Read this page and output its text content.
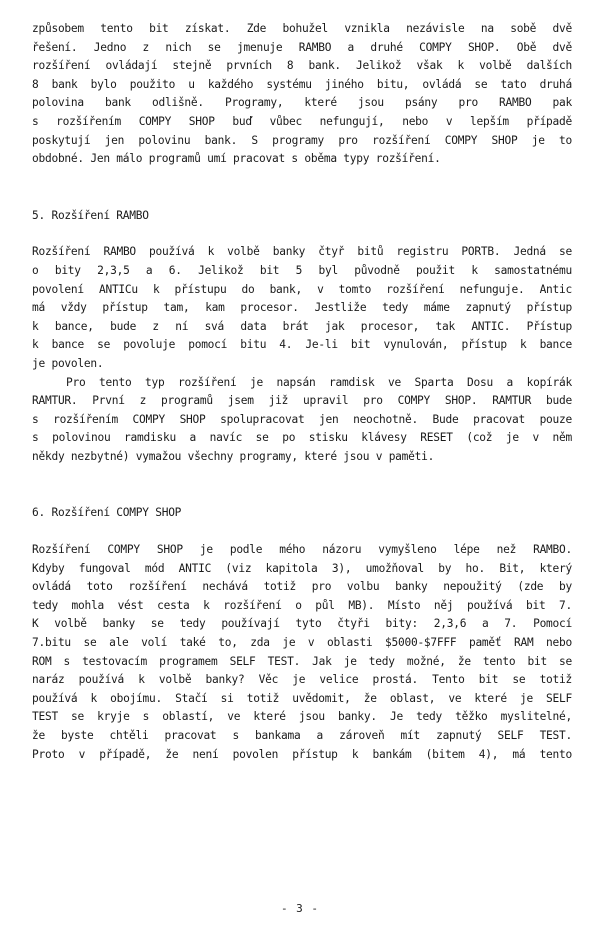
způsobem tento bit získat. Zde bohužel vznikla nezávisle na sobě dvě
řešení. Jedno z nich se jmenuje RAMBO a druhé COMPY SHOP. Obě dvě
rozšíření ovládají stejně prvních 8 bank. Jelikož však k volbě dalších
8 bank bylo použito u každého systému jiného bitu, ovládá se tato druhá
polovina bank odlišně. Programy, které jsou psány pro RAMBO pak
s rozšířením COMPY SHOP buď vůbec nefungují, nebo v lepším případě
poskytují jen polovinu bank. S programy pro rozšíření COMPY SHOP je to
obdobné. Jen málo programů umí pracovat s oběma typy rozšíření.
5. Rozšíření RAMBO
Rozšíření RAMBO používá k volbě banky čtyř bitů registru PORTB. Jedná se
o bity 2,3,5 a 6. Jelikož bit 5 byl původně použit k samostatnému
povolení ANTICu k přístupu do bank, v tomto rozšíření nefunguje. Antic
má vždy přístup tam, kam procesor. Jestliže tedy máme zapnutý přístup
k bance, bude z ní svá data brát jak procesor, tak ANTIC. Přístup
k bance se povoluje pomocí bitu 4. Je-li bit vynulován, přístup k bance
je povolen.
Pro tento typ rozšíření je napsán ramdisk ve Sparta Dosu a kopírák
RAMTUR. První z programů jsem již upravil pro COMPY SHOP. RAMTUR bude
s rozšířením COMPY SHOP spolupracovat jen neochotně. Bude pracovat pouze
s polovinou ramdisku a navíc se po stisku klávesy RESET (což je v něm
někdy nezbytné) vymažou všechny programy, které jsou v paměti.
6. Rozšíření COMPY SHOP
Rozšíření COMPY SHOP je podle mého názoru vymyšleno lépe než RAMBO.
Kdyby fungoval mód ANTIC (viz kapitola 3), umožňoval by ho. Bit, který
ovládá toto rozšíření nechává totiž pro volbu banky nepoužitý (zde by
tedy mohla vést cesta k rozšíření o půl MB). Místo něj používá bit 7.
K volbě banky se tedy používají tyto čtyři bity: 2,3,6 a 7. Pomocí
7.bitu se ale volí také to, zda je v oblasti $5000-$7FFF paměť RAM nebo
ROM s testovacím programem SELF TEST. Jak je tedy možné, že tento bit se
naráz používá k volbě banky? Věc je velice prostá. Tento bit se totiž
používá k obojímu. Stačí si totiž uvědomit, že oblast, ve které je SELF
TEST se kryje s oblastí, ve které jsou banky. Je tedy těžko myslitelné,
že byste chtěli pracovat s bankama a zároveň mít zapnutý SELF TEST.
Proto v případě, že není povolen přístup k bankám (bitem 4), má tento
- 3 -
